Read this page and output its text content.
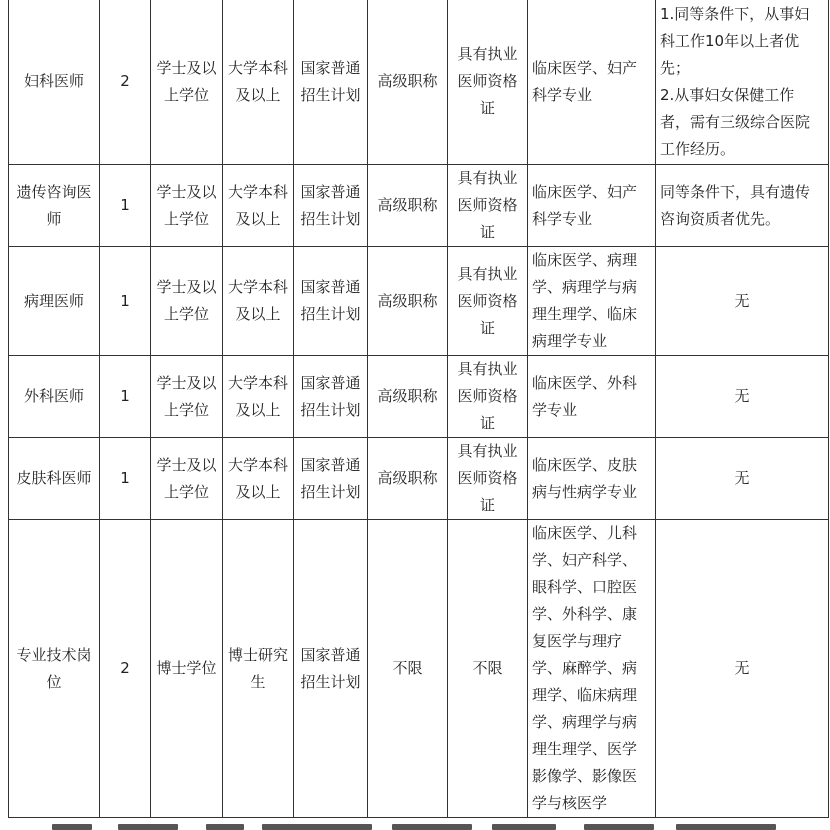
妇科医师	2	学士及以上学位	大学本科及以上	国家普通招生计划	高级职称	具有执业医师资格证	临床医学、妇产科学专业	1.同等条件下，从事妇科工作10年以上者优先；
2.从事妇女保健工作者，需有三级综合医院工作经历。

遗传咨询医师	1	学士及以上学位	大学本科及以上	国家普通招生计划	高级职称	具有执业医师资格证	临床医学、妇产科学专业	同等条件下，具有遗传咨询资质者优先。
病理医师	1	学士及以上学位	大学本科及以上	国家普通招生计划	高级职称	具有执业医师资格证	临床医学、病理学、病理学与病理生理学、临床病理学专业	无
外科医师	1	学士及以上学位	大学本科及以上	国家普通招生计划	高级职称	具有执业医师资格证	临床医学、外科学专业	无
皮肤科医师	1	学士及以上学位	大学本科及以上	国家普通招生计划	高级职称	具有执业医师资格证	临床医学、皮肤病与性病学专业	无
专业技术岗位	2	博士学位	博士研究生	国家普通招生计划	不限	不限	临床医学、儿科学、妇产科学、眼科学、口腔医学、外科学、康复医学与理疗学、麻醉学、病理学、临床病理学、病理学与病理生理学、医学影像学、影像医学与核医学	无
